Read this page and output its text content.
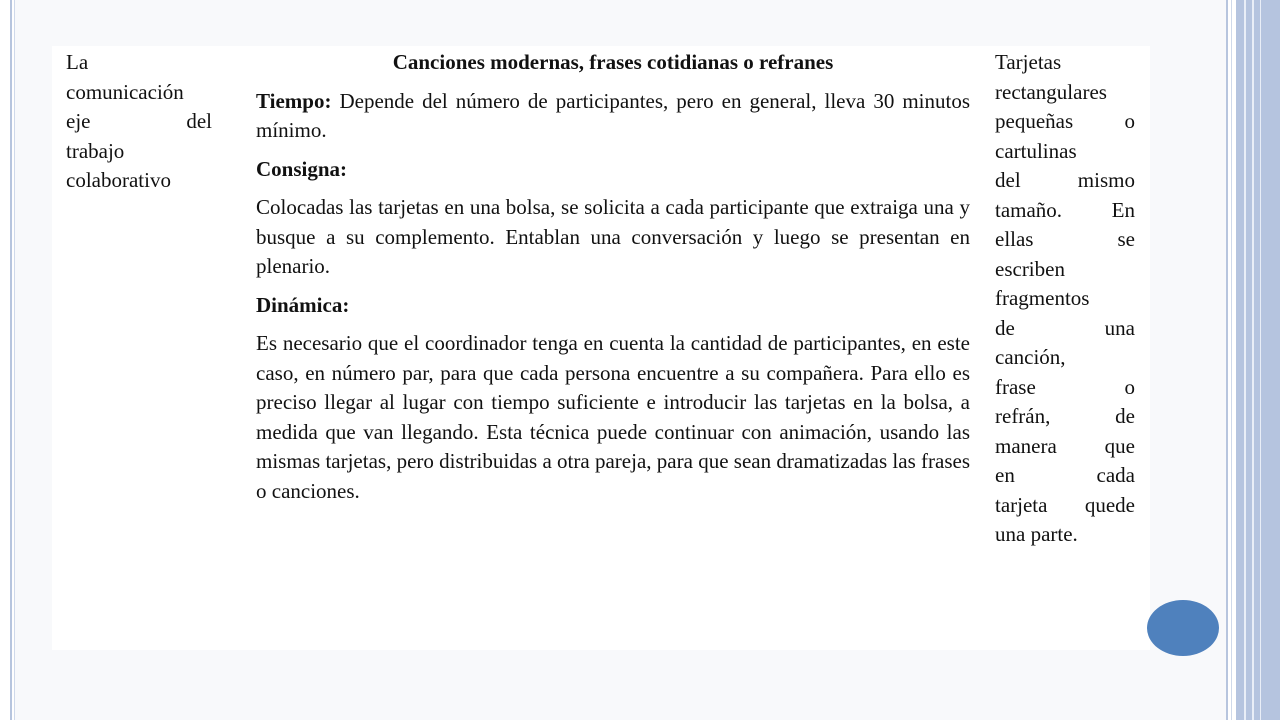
La
comunicación
eje del
trabajo
colaborativo
Canciones modernas, frases cotidianas o refranes
Tiempo: Depende del número de participantes, pero en general, lleva 30 minutos mínimo.
Consigna:
Colocadas las tarjetas en una bolsa, se solicita a cada participante que extraiga una y busque a su complemento. Entablan una conversación y luego se presentan en plenario.
Dinámica:
Es necesario que el coordinador tenga en cuenta la cantidad de participantes, en este caso, en número par, para que cada persona encuentre a su compañera. Para ello es preciso llegar al lugar con tiempo suficiente e introducir las tarjetas en la bolsa, a medida que van llegando. Esta técnica puede continuar con animación, usando las mismas tarjetas, pero distribuidas a otra pareja, para que sean dramatizadas las frases o canciones.
Tarjetas
rectangulares
pequeñas o
cartulinas
del mismo
tamaño. En
ellas se
escriben
fragmentos
de una
canción,
frase o
refrán, de
manera que
en cada
tarjeta quede
una parte.
